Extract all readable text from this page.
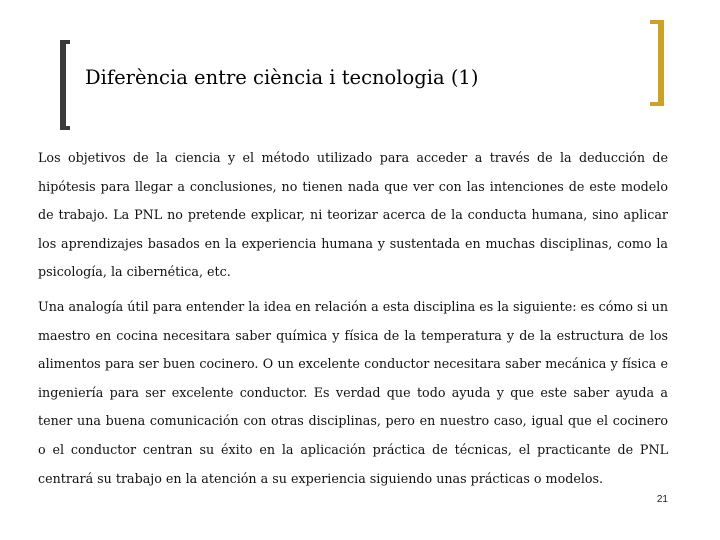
Diferència entre ciència i tecnologia (1)

Los objetivos de la ciencia y el método utilizado para acceder a través de la deducción de hipótesis para llegar a conclusiones, no tienen nada que ver con las intenciones de este modelo de trabajo. La PNL no pretende explicar, ni teorizar acerca de la conducta humana, sino aplicar los aprendizajes basados en la experiencia humana y sustentada en muchas disciplinas, como la psicología, la cibernética, etc.

Una analogía útil para entender la idea en relación a esta disciplina es la siguiente: es cómo si un maestro en cocina necesitara saber química y física de la temperatura y de la estructura de los alimentos para ser buen cocinero. O un excelente conductor necesitara saber mecánica y física e ingeniería para ser excelente conductor. Es verdad que todo ayuda y que este saber ayuda a tener una buena comunicación con otras disciplinas, pero en nuestro caso, igual que el cocinero o el conductor centran su éxito en la aplicación práctica de técnicas, el practicante de PNL centrará su trabajo en la atención a su experiencia siguiendo unas prácticas o modelos.

21
